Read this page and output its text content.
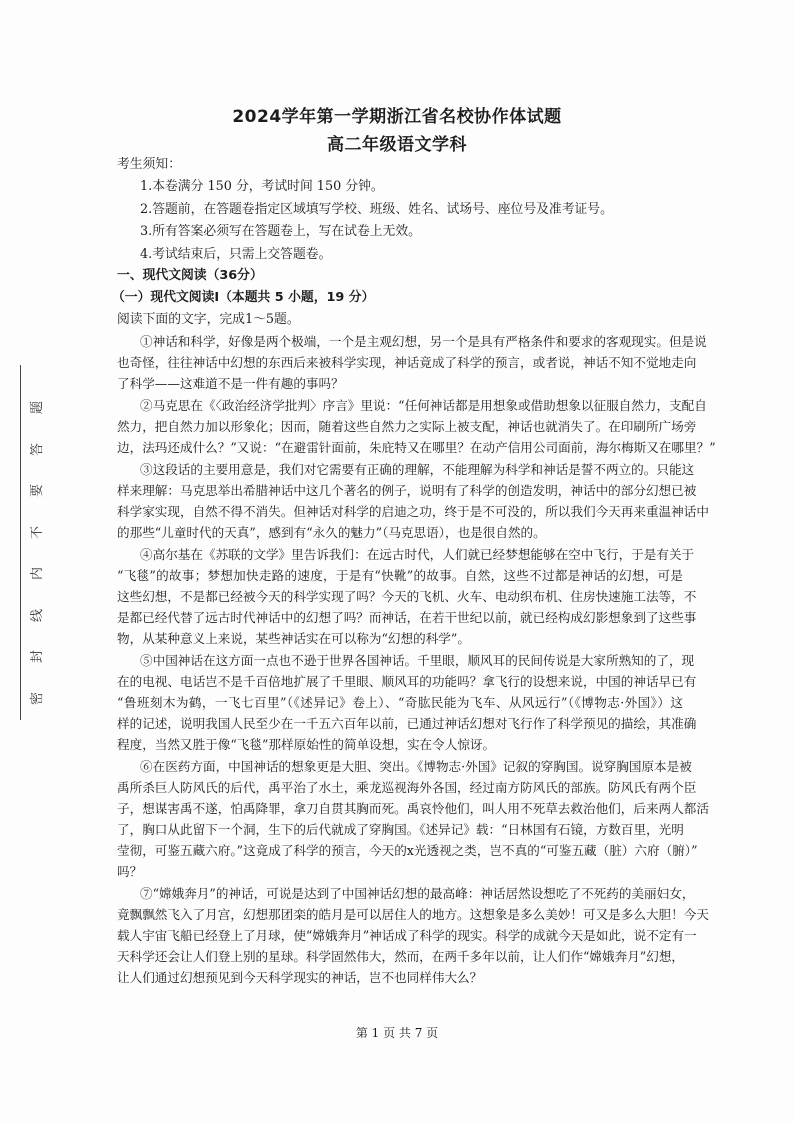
2024学年第一学期浙江省名校协作体试题
高二年级语文学科
考生须知：
1.本卷满分 150 分，考试时间 150 分钟。
2.答题前，在答题卷指定区域填写学校、班级、姓名、试场号、座位号及准考证号。
3.所有答案必须写在答题卷上，写在试卷上无效。
4.考试结束后，只需上交答题卷。
一、现代文阅读（36分）
（一）现代文阅读Ⅰ（本题共 5 小题，19 分）
阅读下面的文字，完成1～5题。
①神话和科学，好像是两个极端，一个是主观幻想，另一个是具有严格条件和要求的客观现实。但是说
也奇怪，往往神话中幻想的东西后来被科学实现，神话竟成了科学的预言，或者说，神话不知不觉地走向
了科学——这难道不是一件有趣的事吗？
②马克思在《〈政治经济学批判〉序言》里说：“任何神话都是用想象或借助想象以征服自然力，支配自
然力，把自然力加以形象化；因而，随着这些自然力之实际上被支配，神话也就消失了。在印刷所广场旁
边，法玛还成什么？”又说：“在避雷针面前，朱庇特又在哪里？在动产信用公司面前，海尔梅斯又在哪里？”
③这段话的主要用意是，我们对它需要有正确的理解，不能理解为科学和神话是誓不两立的。只能这
样来理解：马克思举出希腊神话中这几个著名的例子，说明有了科学的创造发明，神话中的部分幻想已被
科学家实现，自然不得不消失。但神话对科学的启迪之功，终于是不可没的，所以我们今天再来重温神话中
的那些“儿童时代的天真”，感到有“永久的魅力”（马克思语），也是很自然的。
④高尔基在《苏联的文学》里告诉我们：在远古时代，人们就已经梦想能够在空中飞行，于是有关于
“飞毯”的故事；梦想加快走路的速度，于是有“快靴”的故事。自然，这些不过都是神话的幻想，可是
这些幻想，不是都已经被今天的科学实现了吗？今天的飞机、火车、电动织布机、住房快速施工法等，不
是都已经代替了远古时代神话中的幻想了吗？而神话，在若干世纪以前，就已经构成幻影想象到了这些事
物，从某种意义上来说，某些神话实在可以称为“幻想的科学”。
⑤中国神话在这方面一点也不逊于世界各国神话。千里眼，顺风耳的民间传说是大家所熟知的了，现
在的电视、电话岂不是千百倍地扩展了千里眼、顺风耳的功能吗？拿飞行的设想来说，中国的神话早已有
“鲁班刻木为鹤，一飞七百里”（《述异记》卷上）、“奇肱民能为飞车、从风远行”（《博物志·外国》）这
样的记述，说明我国人民至少在一千五六百年以前，已通过神话幻想对飞行作了科学预见的描绘，其准确
程度，当然又胜于像“飞毯”那样原始性的简单设想，实在令人惊讶。
⑥在医药方面，中国神话的想象更是大胆、突出。《博物志·外国》记叙的穿胸国。说穿胸国原本是被
禹所杀巨人防风氏的后代，禹平治了水土，乘龙巡视海外各国，经过南方防风氏的部族。防风氏有两个臣
子，想谋害禹不遂，怕禹降罪，拿刀自贯其胸而死。禹哀怜他们，叫人用不死草去救治他们，后来两人都活
了，胸口从此留下一个洞，生下的后代就成了穿胸国。《述异记》载：“日林国有石镜，方数百里，光明
莹彻，可鉴五藏六府。”这竟成了科学的预言，今天的x光透视之类，岂不真的“可鉴五藏（脏）六府（腑）”
吗？
⑦“嫦娥奔月”的神话，可说是达到了中国神话幻想的最高峰：神话居然设想吃了不死药的美丽妇女，
竟飘飘然飞入了月宫，幻想那团栾的皓月是可以居住人的地方。这想象是多么美妙！可又是多么大胆！今天
载人宇宙飞船已经登上了月球，使“嫦娥奔月”神话成了科学的现实。科学的成就今天是如此，说不定有一
天科学还会让人们登上别的星球。科学固然伟大，然而，在两千多年以前，让人们作“嫦娥奔月”幻想，
让人们通过幻想预见到今天科学现实的神话，岂不也同样伟大么？
第 1 页 共 7 页
密
封
线
内
不
要
答
题
